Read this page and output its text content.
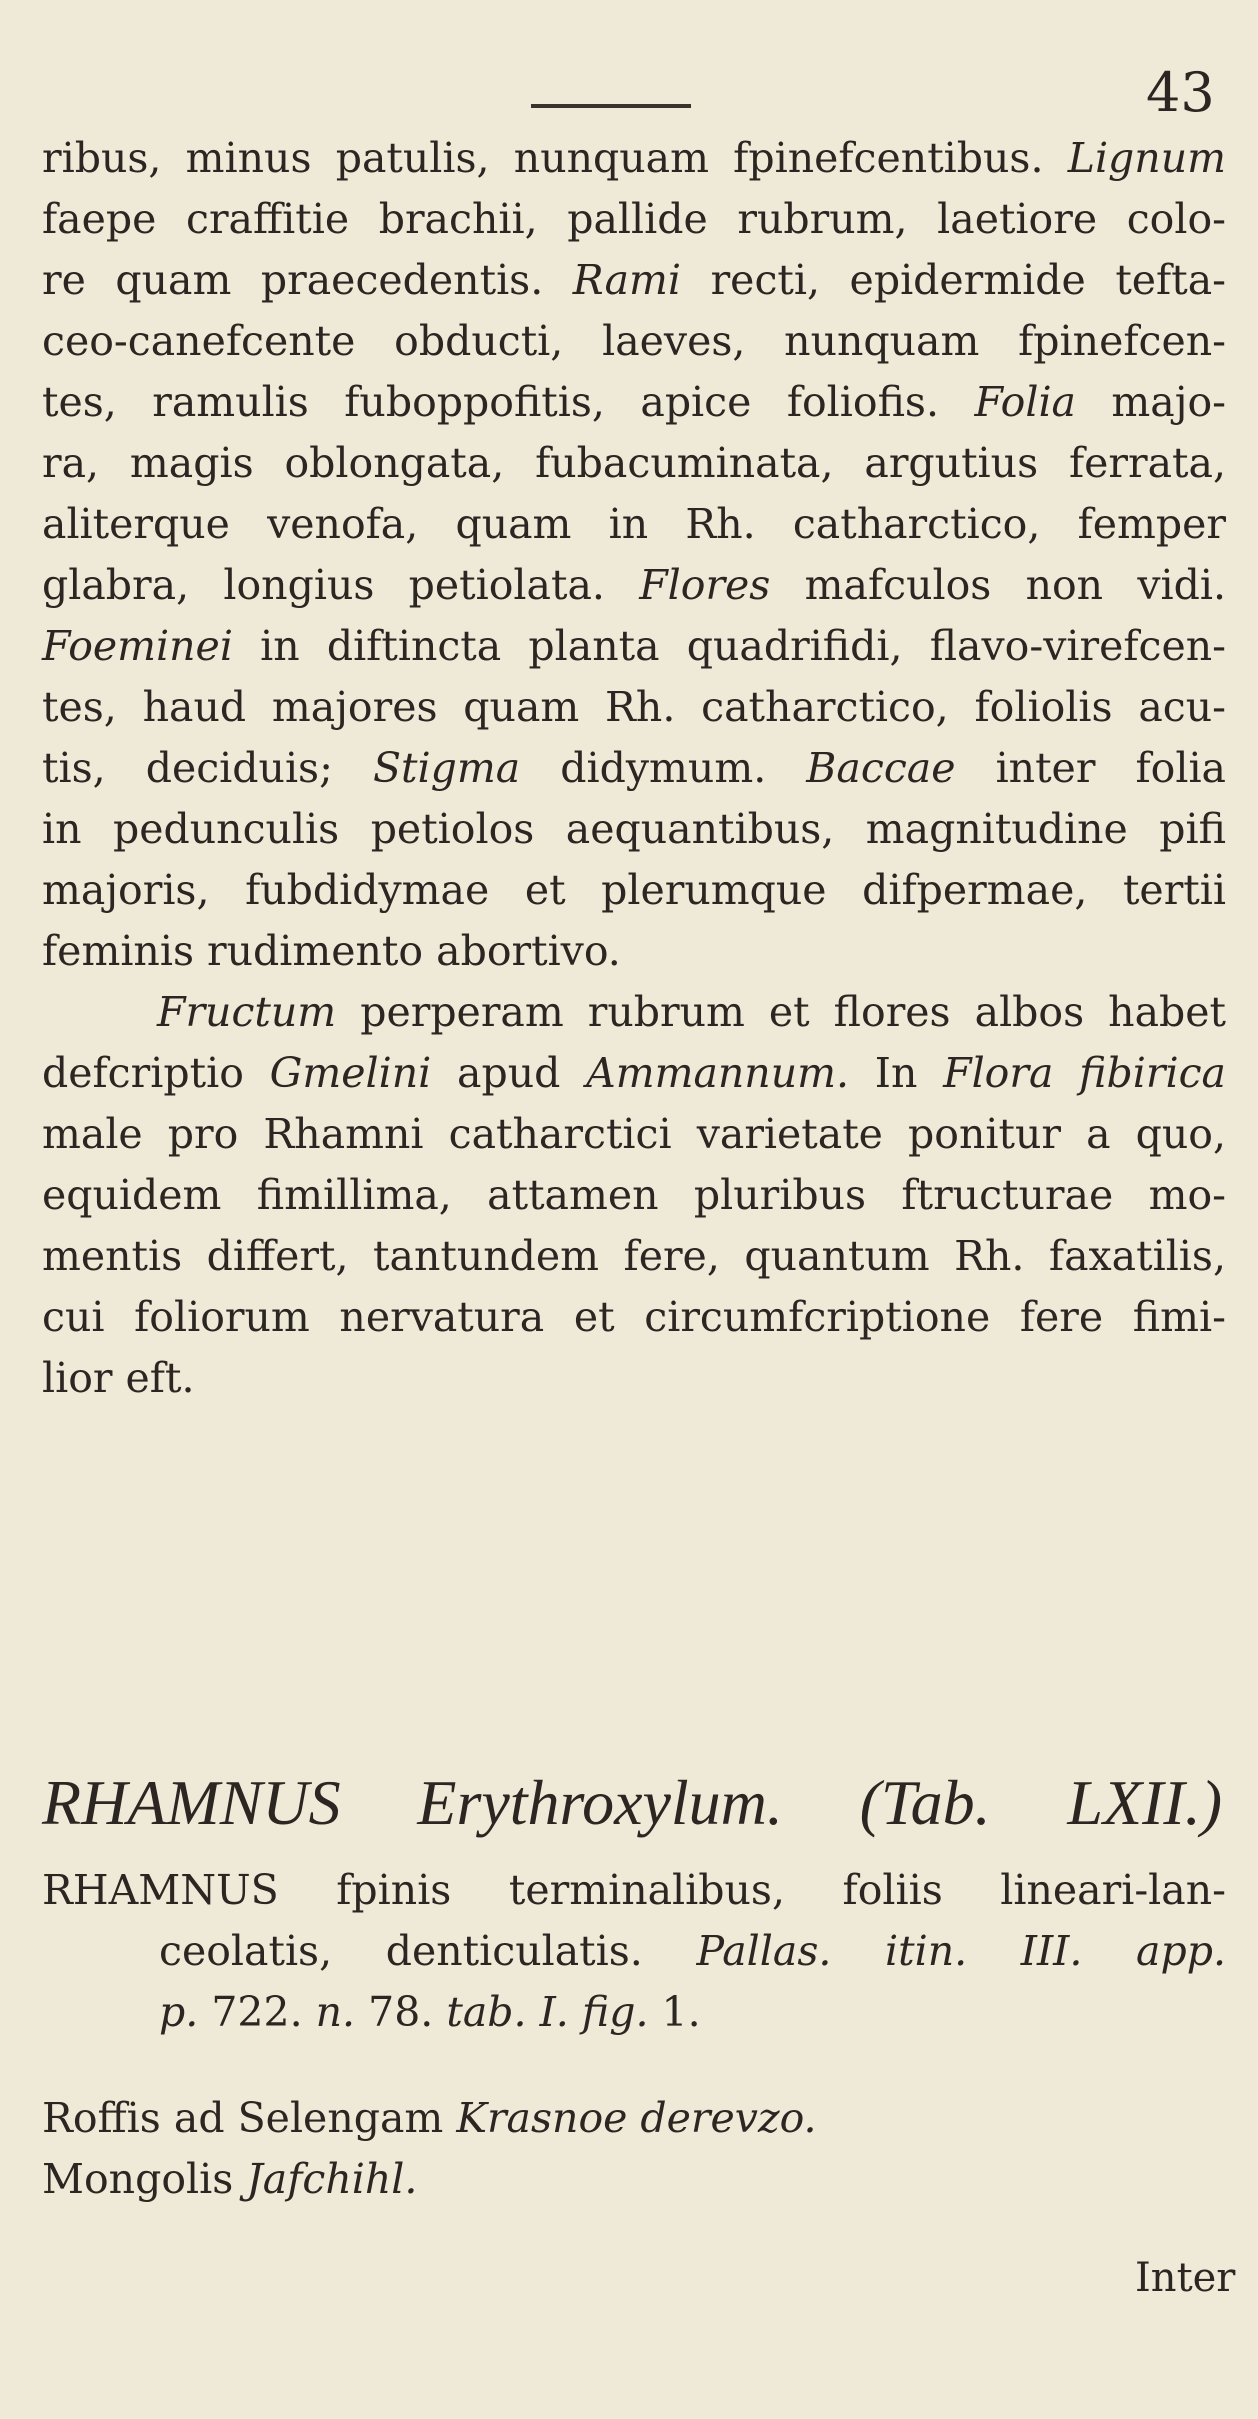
43
ribus, minus patulis, nunquam fpinefcentibus. Lignum
faepe craffitie brachii, pallide rubrum, laetiore colo-
re quam praecedentis. Rami recti, epidermide tefta-
ceo-canefcente obducti, laeves, nunquam fpinefcen-
tes, ramulis fuboppofitis, apice foliofis. Folia majo-
ra, magis oblongata, fubacuminata, argutius ferrata,
aliterque venofa, quam in Rh. catharctico, femper
glabra, longius petiolata. Flores mafculos non vidi.
Foeminei in diftincta planta quadrifidi, flavo-virefcen-
tes, haud majores quam Rh. catharctico, foliolis acu-
tis, deciduis; Stigma didymum. Baccae inter folia
in pedunculis petiolos aequantibus, magnitudine pifi
majoris, fubdidymae et plerumque difpermae, tertii
feminis rudimento abortivo.
Fructum perperam rubrum et flores albos habet
defcriptio Gmelini apud Ammannum. In Flora fibirica
male pro Rhamni catharctici varietate ponitur a quo,
equidem fimillima, attamen pluribus ftructurae mo-
mentis differt, tantundem fere, quantum Rh. faxatilis,
cui foliorum nervatura et circumfcriptione fere fimi-
lior eft.
RHAMNUS Erythroxylum. (Tab. LXII.)
RHAMNUS fpinis terminalibus, foliis lineari-lan-
ceolatis, denticulatis. Pallas. itin. III. app.
p. 722. n. 78. tab. I. fig. 1.
Roffis ad Selengam Krasnoe derevzo.
Mongolis Jafchihl.
Inter
